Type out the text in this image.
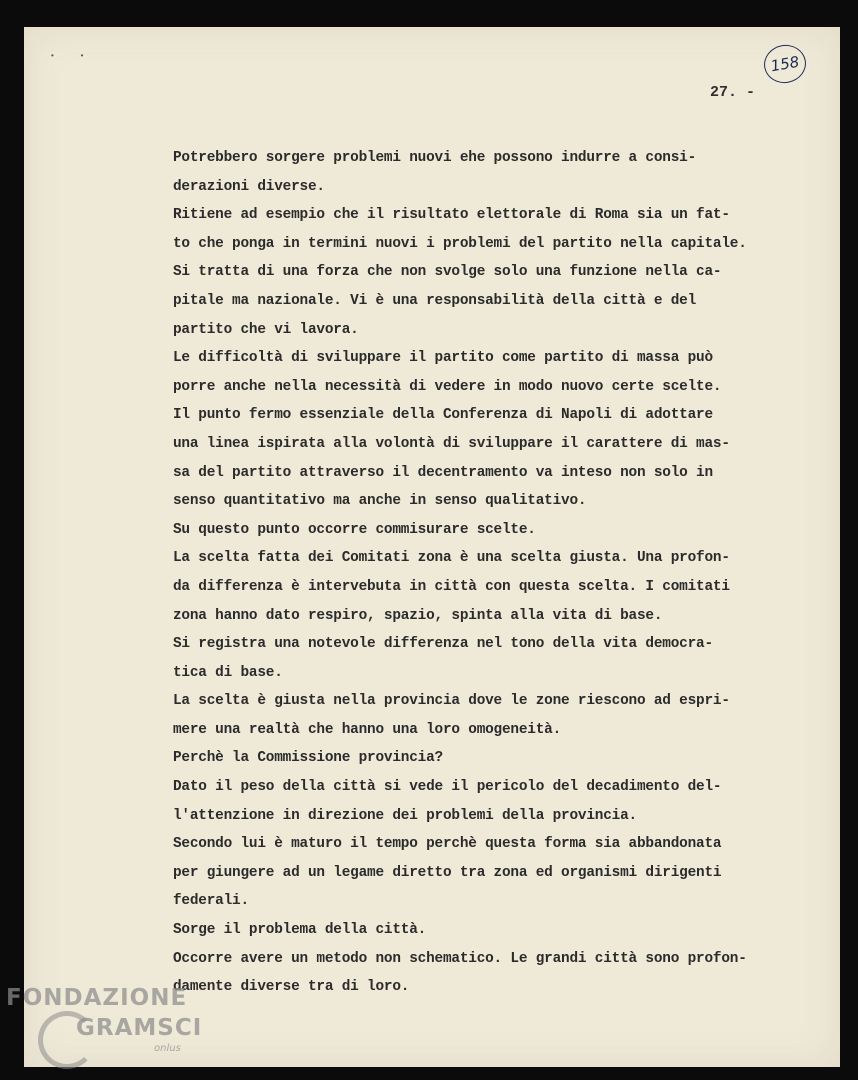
• •	158
27. -
Potrebbero sorgere problemi nuovi ehe possono indurre a consi-
derazioni diverse.
Ritiene ad esempio che il risultato elettorale di Roma sia un fat-
to che ponga in termini nuovi i problemi del partito nella capitale.
Si tratta di una forza che non svolge solo una funzione nella ca-
pitale ma nazionale. Vi è una responsabilità della città e del
partito che vi lavora.
Le difficoltà di sviluppare il partito come partito di massa può
porre anche nella necessità di vedere in modo nuovo certe scelte.
Il punto fermo essenziale della Conferenza di Napoli di adottare
una linea ispirata alla volontà di sviluppare il carattere di mas-
sa del partito attraverso il decentramento va inteso non solo in
senso quantitativo ma anche in senso qualitativo.
Su questo punto occorre commisurare scelte.
La scelta fatta dei Comitati zona è una scelta giusta. Una profon-
da differenza è intervebuta in città con questa scelta. I comitati
zona hanno dato respiro, spazio, spinta alla vita di base.
Si registra una notevole differenza nel tono della vita democra-
tica di base.
La scelta è giusta nella provincia dove le zone riescono ad espri-
mere una realtà che hanno una loro omogeneità.
Perchè la Commissione provincia?
Dato il peso della città si vede il pericolo del decadimento del-
l'attenzione in direzione dei problemi della provincia.
Secondo lui è maturo il tempo perchè questa forma sia abbandonata
per giungere ad un legame diretto tra zona ed organismi dirigenti
federali.
Sorge il problema della città.
Occorre avere un metodo non schematico. Le grandi città sono profon-
damente diverse tra di loro.
FONDAZIONE
GRAMSCI
onlus
